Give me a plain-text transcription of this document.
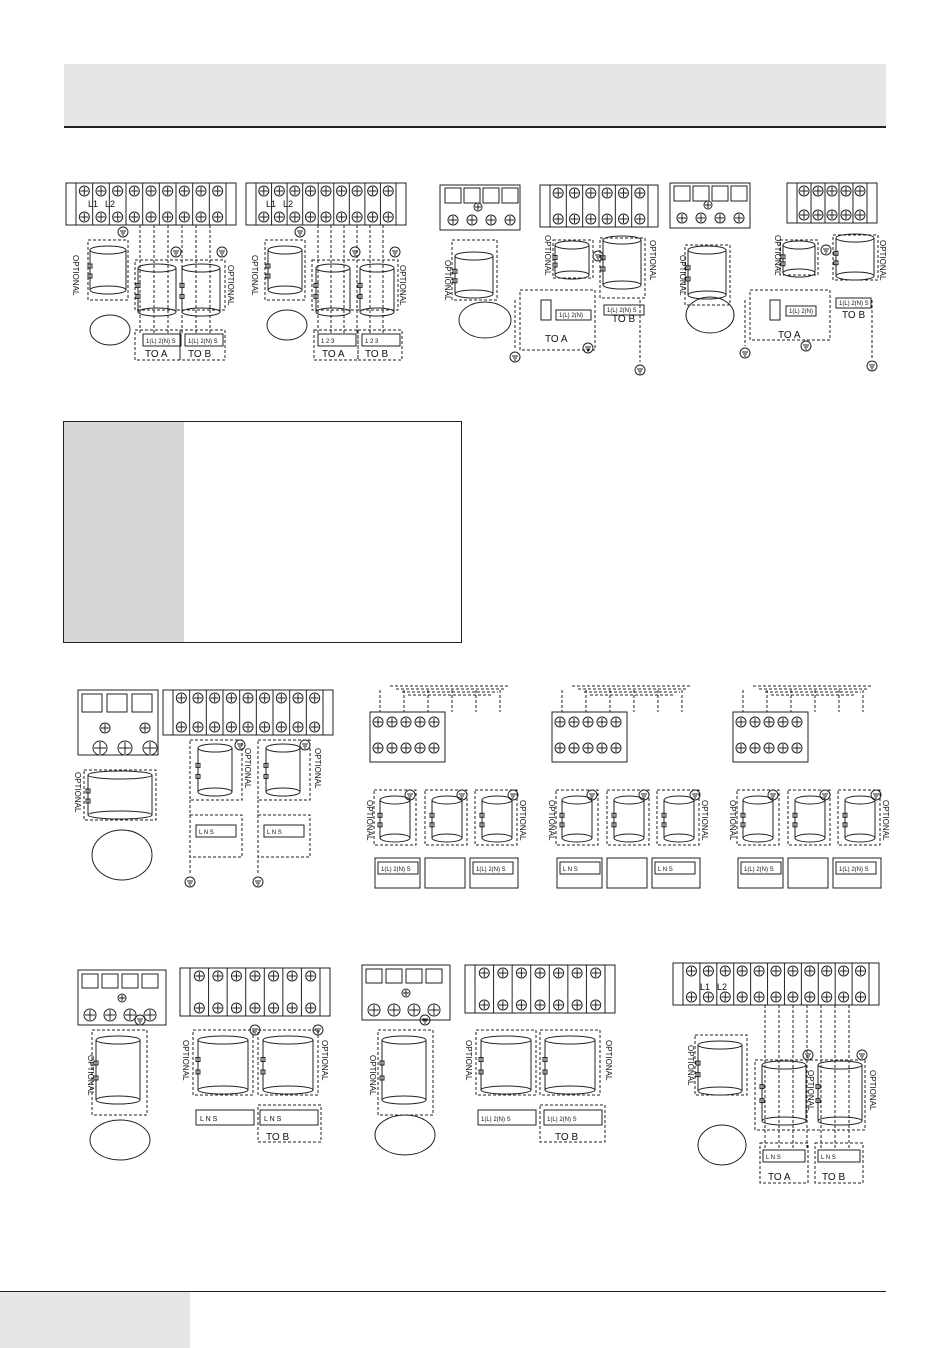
L1 L2
OPTIONAL	OPTIONAL
1(L) 2(N) S 1(L) 2(N) S
TO A TO B
L1 L2
OPTIONAL	OPTIONAL
1 2 3	1 2 3
TO A TO B
OPTIONAL
OPTIONAL	OPTIONAL
1(L) 2(N)
1(L) 2(N) S
TO A
TO B
OPTIONAL	OPTIONAL	OPTIONAL
1(L) 2(N)
1(L) 2(N) S
TO A
TO B
OPTIONAL
OPTIONAL	OPTIONAL
L N S	L N S	OPTIONAL	OPTIONAL
1(L) 2(N) S	1(L) 2(N) S
OPTIONAL	OPTIONAL
L N S	L N S
OPTIONAL	OPTIONAL
1(L) 2(N) S	1(L) 2(N) S
OPTIONAL	OPTIONAL	OPTIONAL
L N S	L N S
TO B
OPTIONAL	OPTIONAL	OPTIONAL
1(L) 2(N) S	1(L) 2(N) S
TO B
L1 L2
OPTIONAL
OPTIONAL	OPTIONAL
L N S
TO A
L N S
TO B
